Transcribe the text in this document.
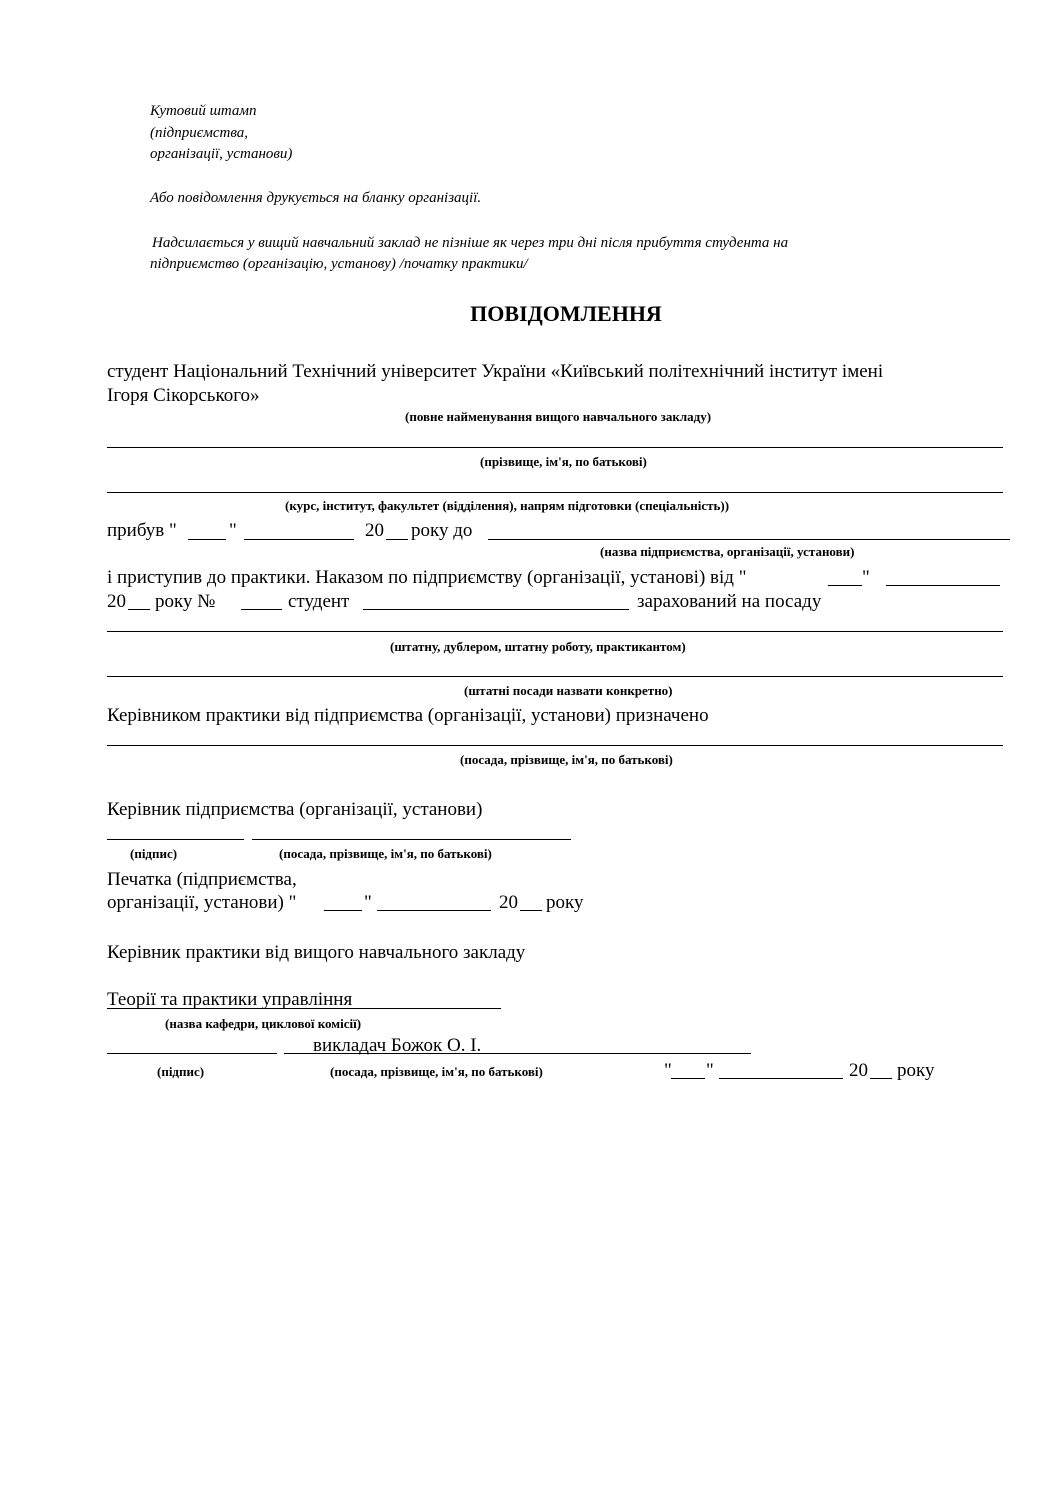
Кутовий штамп
(підприємства,
організації, установи)
Або повідомлення друкується на бланку організації.
Надсилається у вищий навчальний заклад не пізніше як через три дні після прибуття студента на
підприємство (організацію, установу) /початку практики/
ПОВІДОМЛЕННЯ
студент Національний Технічний університет України «Київський політехнічний інститут імені
Ігоря Сікорського»
(повне найменування вищого навчального закладу)
(прізвище, ім'я, по батькові)
(курс, інститут, факультет (відділення), напрям підготовки (спеціальність))
прибув "	"	20 року до
(назва підприємства, організації, установи)
і приступив до практики. Наказом по підприємству (організації, установі) від "	"
20 року №	студент	зарахований на посаду
(штатну, дублером, штатну роботу, практикантом)
(штатні посади назвати конкретно)
Керівником практики від підприємства (організації, установи) призначено
(посада, прізвище, ім'я, по батькові)
Керівник підприємства (організації, установи)
(підпис)	(посада, прізвище, ім'я, по батькові)
Печатка (підприємства,
організації, установи) "	"	20 року
Керівник практики від вищого навчального закладу
Теорії та практики управління
(назва кафедри, циклової комісії)
викладач Божок О. І.
(підпис)	(посада, прізвище, ім'я, по батькові)	" "	20 року
